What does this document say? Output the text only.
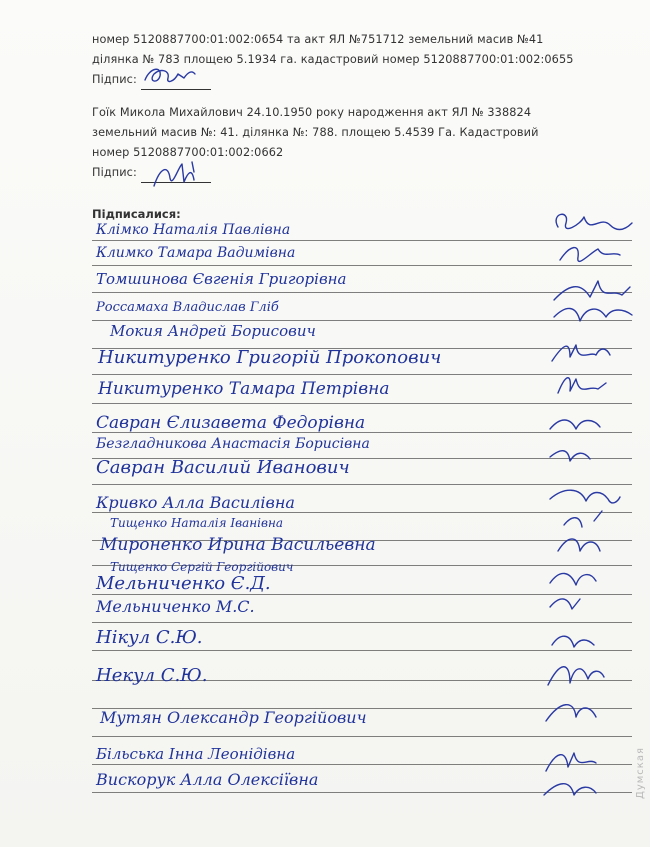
номер 5120887700:01:002:0654 та акт ЯЛ №751712 земельний масив №41

ділянка № 783 площею 5.1934 га. кадастровий номер 5120887700:01:002:0655

Підпис:

Гоїк Микола Михайлович 24.10.1950 року народження акт ЯЛ № 338824

земельний масив №: 41. ділянка №: 788. площею 5.4539 Га. Кадастровий

номер 5120887700:01:002:0662

Підпис:

Підписалися:
Клімко Наталія Павлівна
Климко Тамара Вадимівна
Томшинова Євгенія Григорівна
Россамаха Владислав Гліб
Мокия Андрей Борисович
Никитуренко Григорій Прокопович
Никитуренко Тамара Петрівна
Савран Єлизавета Федорівна
Безгладникова Анастасія Борисівна
Савран Василий Иванович
Кривко Алла Василівна
Тищенко Наталія Іванівна
Мироненко Ирина Васильевна
Тищенко Сергій Георгійович
Мельниченко Є.Д.
Мельниченко М.С.
Нікул С.Ю.
Некул С.Ю.
Мутян Олександр Георгійович
Більська Інна Леонідівна
Вискорук Алла Олексіївна	Думская
